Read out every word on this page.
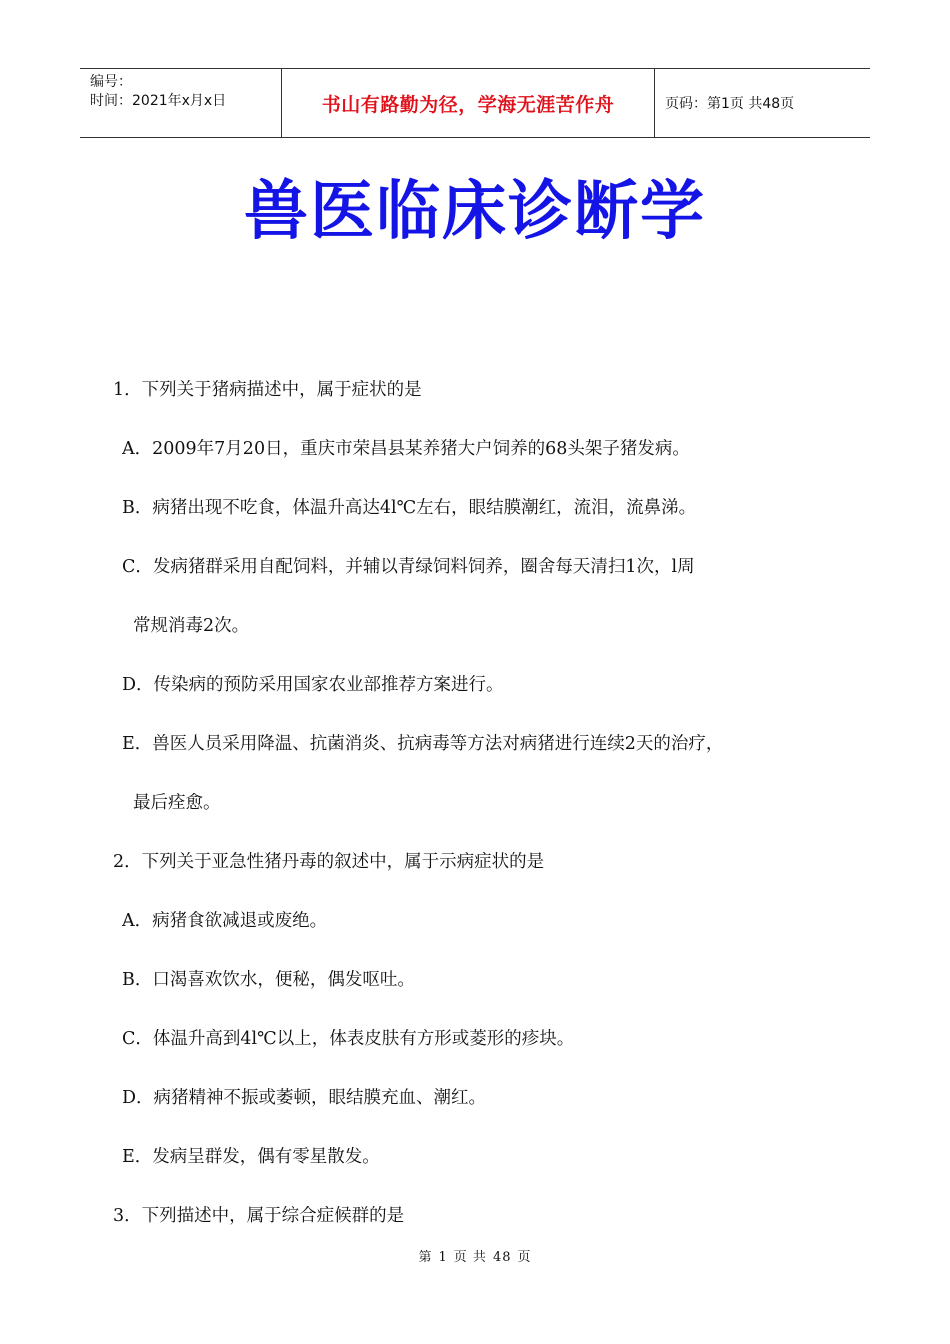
编号：
时间：2021年x月x日	书山有路勤为径，学海无涯苦作舟	页码：第1页 共48页
兽医临床诊断学
1．下列关于猪病描述中，属于症状的是
A．2009年7月20日，重庆市荣昌县某养猪大户饲养的68头架子猪发病。
B．病猪出现不吃食，体温升高达4l℃左右，眼结膜潮红，流泪，流鼻涕。
C．发病猪群采用自配饲料，并辅以青绿饲料饲养，圈舍每天清扫1次，l周
常规消毒2次。
D．传染病的预防采用国家农业部推荐方案进行。
E．兽医人员采用降温、抗菌消炎、抗病毒等方法对病猪进行连续2天的治疗，
最后痊愈。
2．下列关于亚急性猪丹毒的叙述中，属于示病症状的是
A．病猪食欲减退或废绝。
B．口渴喜欢饮水，便秘，偶发呕吐。
C．体温升高到4l℃以上，体表皮肤有方形或菱形的疹块。
D．病猪精神不振或萎顿，眼结膜充血、潮红。
E．发病呈群发，偶有零星散发。
3．下列描述中，属于综合症候群的是
第 1 页 共 48 页
